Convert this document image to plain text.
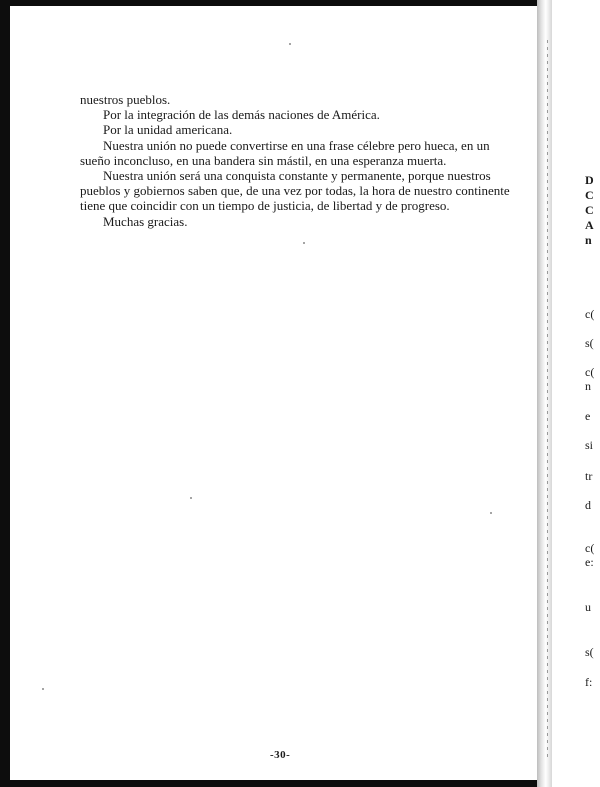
nuestros pueblos.

Por la integración de las demás naciones de América.

Por la unidad americana.

Nuestra unión no puede convertirse en una frase célebre pero hueca, en un sueño inconcluso, en una bandera sin mástil, en una esperanza muerta.

Nuestra unión será una conquista constante y permanente, porque nuestros pueblos y gobiernos saben que, de una vez por todas, la hora de nuestro continente tiene que coincidir con un tiempo de justicia, de libertad y de progreso.

Muchas gracias.

-30-
D
C
C
A
n
c(
s(
c(
n
e
si
tr
d
c(
e:
u
s(
f:
